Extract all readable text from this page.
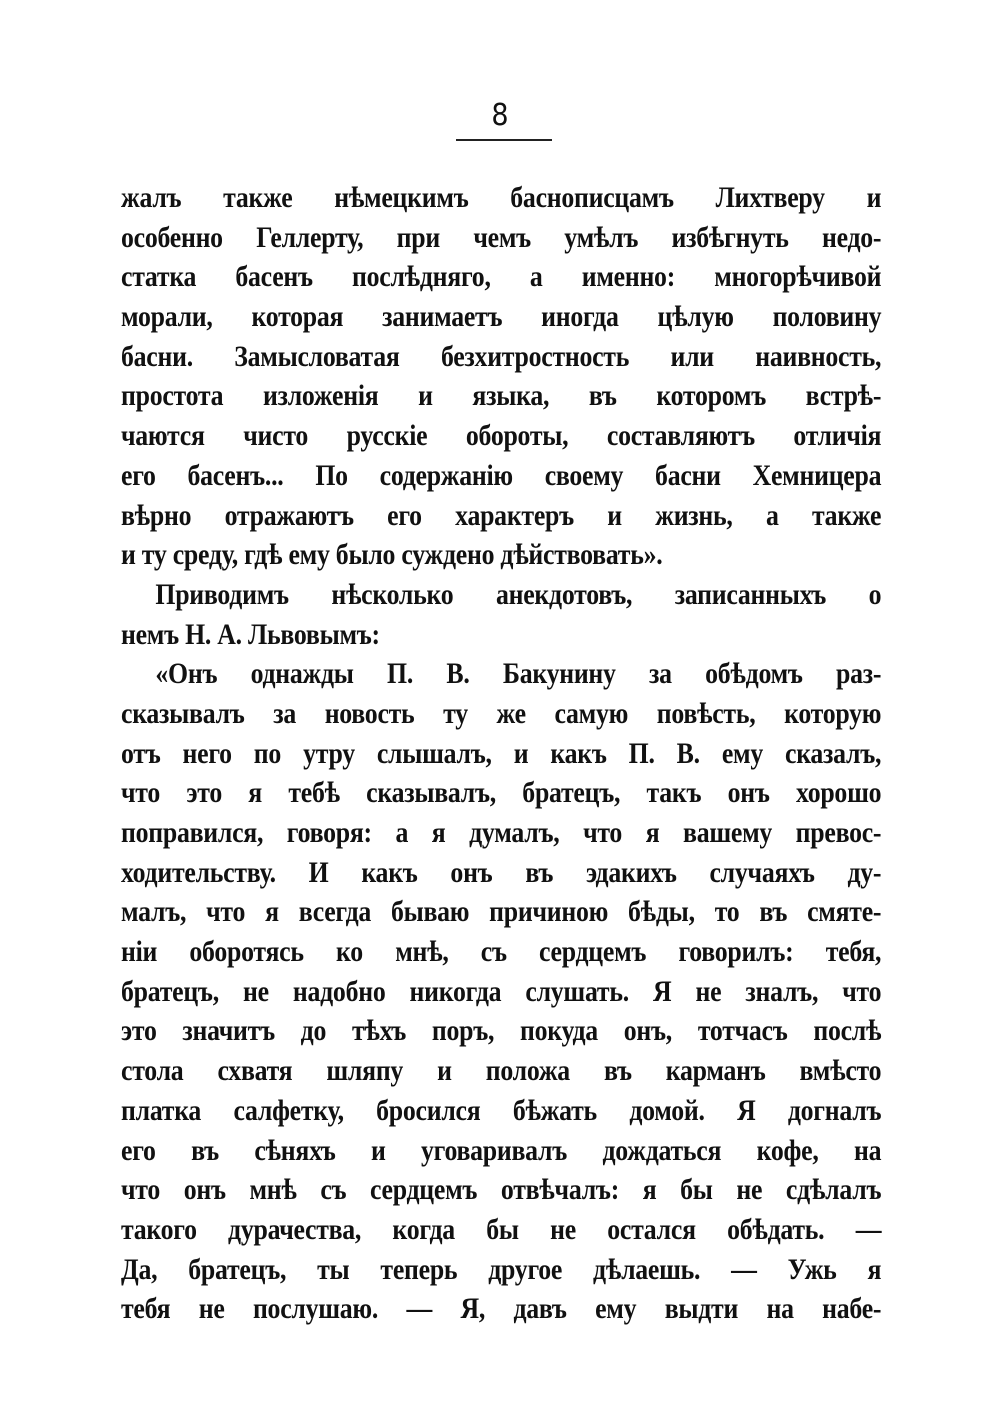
8
жалъ также нѣмецкимъ баснописцамъ Лихтверу и
особенно Геллерту, при чемъ умѣлъ избѣгнуть недо-
статка басенъ послѣдняго, а именно: многорѣчивой
морали, которая занимаетъ иногда цѣлую половину
басни. Замысловатая безхитростность или наивность,
простота изложенія и языка, въ которомъ встрѣ-
чаются чисто русскіе обороты, составляютъ отличія
его басенъ... По содержанію своему басни Хемницера
вѣрно отражаютъ его характеръ и жизнь, а также
и ту среду, гдѣ ему было суждено дѣйствовать».
Приводимъ нѣсколько анекдотовъ, записанныхъ о
немъ Н. А. Львовымъ:
«Онъ однажды П. В. Бакунину за обѣдомъ раз-
сказывалъ за новость ту же самую повѣсть, которую
отъ него по утру слышалъ, и какъ П. В. ему сказалъ,
что это я тебѣ сказывалъ, братецъ, такъ онъ хорошо
поправился, говоря: а я думалъ, что я вашему превос-
ходительству. И какъ онъ въ эдакихъ случаяхъ ду-
малъ, что я всегда бываю причиною бѣды, то въ смяте-
ніи оборотясь ко мнѣ, съ сердцемъ говорилъ: тебя,
братецъ, не надобно никогда слушать. Я не зналъ, что
это значитъ до тѣхъ поръ, покуда онъ, тотчасъ послѣ
стола схватя шляпу и положа въ карманъ вмѣсто
платка салфетку, бросился бѣжать домой. Я догналъ
его въ сѣняхъ и уговаривалъ дождаться кофе, на
что онъ мнѣ съ сердцемъ отвѣчалъ: я бы не сдѣлалъ
такого дурачества, когда бы не остался обѣдать. —
Да, братецъ, ты теперь другое дѣлаешь. — Ужь я
тебя не послушаю. — Я, давъ ему выдти на набе-
